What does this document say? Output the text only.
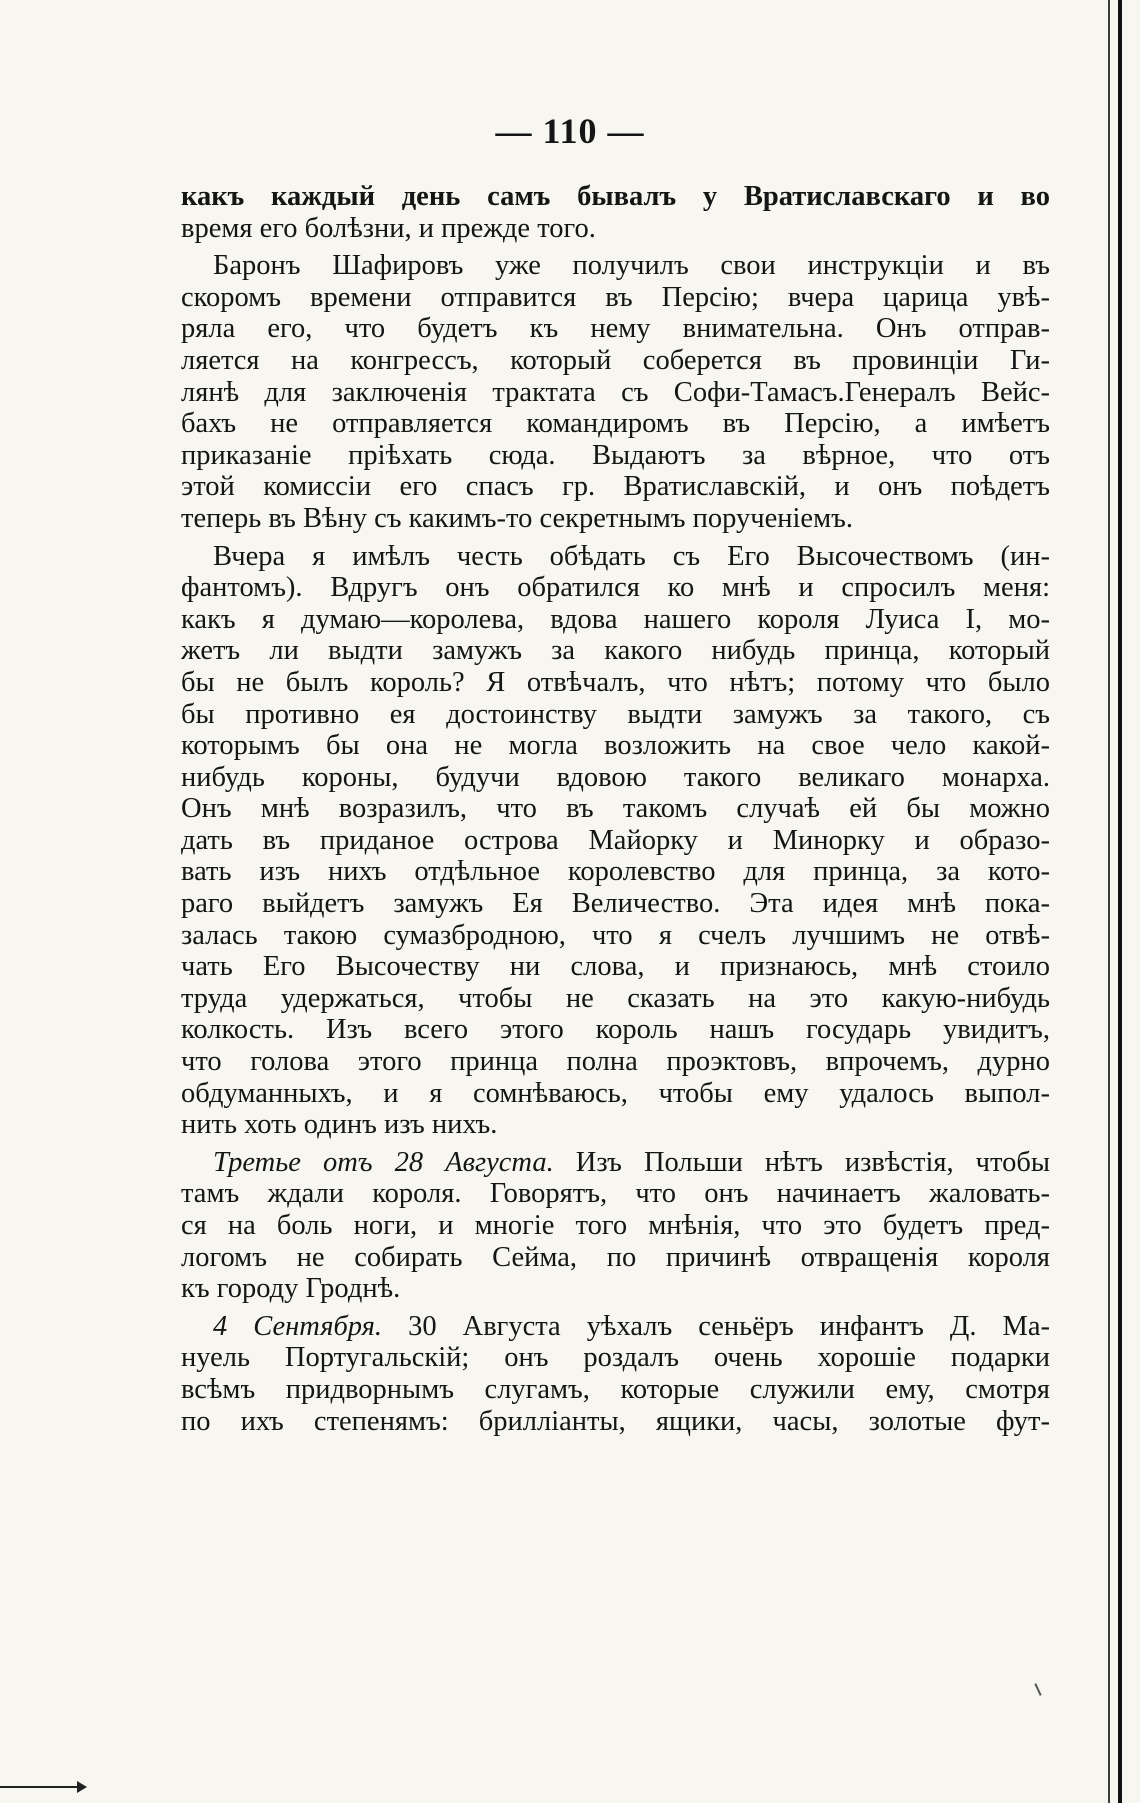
— 110 —
какъ каждый день самъ бывалъ у Вратиславскаго и во
время его болѣзни, и прежде того.
Баронъ Шафировъ уже получилъ свои инструкціи и въ
скоромъ времени отправится въ Персію; вчера царица увѣ-
ряла его, что будетъ къ нему внимательна. Онъ отправ-
ляется на конгрессъ, который соберется въ провинціи Ги-
лянѣ для заключенія трактата съ Софи-Тамасъ.Генералъ Вейс-
бахъ не отправляется командиромъ въ Персію, а имѣетъ
приказаніе пріѣхать сюда. Выдаютъ за вѣрное, что отъ
этой комиссіи его спасъ гр. Вратиславскій, и онъ поѣдетъ
теперь въ Вѣну съ какимъ-то секретнымъ порученіемъ.
Вчера я имѣлъ честь обѣдать съ Его Высочествомъ (ин-
фантомъ). Вдругъ онъ обратился ко мнѣ и спросилъ меня:
какъ я думаю—королева, вдова нашего короля Луиса I, мо-
жетъ ли выдти замужъ за какого нибудь принца, который
бы не былъ король? Я отвѣчалъ, что нѣтъ; потому что было
бы противно ея достоинству выдти замужъ за такого, съ
которымъ бы она не могла возложить на свое чело какой-
нибудь короны, будучи вдовою такого великаго монарха.
Онъ мнѣ возразилъ, что въ такомъ случаѣ ей бы можно
дать въ приданое острова Майорку и Минорку и образо-
вать изъ нихъ отдѣльное королевство для принца, за кото-
раго выйдетъ замужъ Ея Величество. Эта идея мнѣ пока-
залась такою сумазбродною, что я счелъ лучшимъ не отвѣ-
чать Его Высочеству ни слова, и признаюсь, мнѣ стоило
труда удержаться, чтобы не сказать на это какую-нибудь
колкость. Изъ всего этого король нашъ государь увидитъ,
что голова этого принца полна проэктовъ, впрочемъ, дурно
обдуманныхъ, и я сомнѣваюсь, чтобы ему удалось выпол-
нить хоть одинъ изъ нихъ.
Третье отъ 28 Августа. Изъ Польши нѣтъ извѣстія, чтобы
тамъ ждали короля. Говорятъ, что онъ начинаетъ жаловать-
ся на боль ноги, и многіе того мнѣнія, что это будетъ пред-
логомъ не собирать Сейма, по причинѣ отвращенія короля
къ городу Гроднѣ.
4 Сентября. 30 Августа уѣхалъ сеньёръ инфантъ Д. Ма-
нуель Португальскій; онъ роздалъ очень хорошіе подарки
всѣмъ придворнымъ слугамъ, которые служили ему, смотря
по ихъ степенямъ: брилліанты, ящики, часы, золотые фут-
